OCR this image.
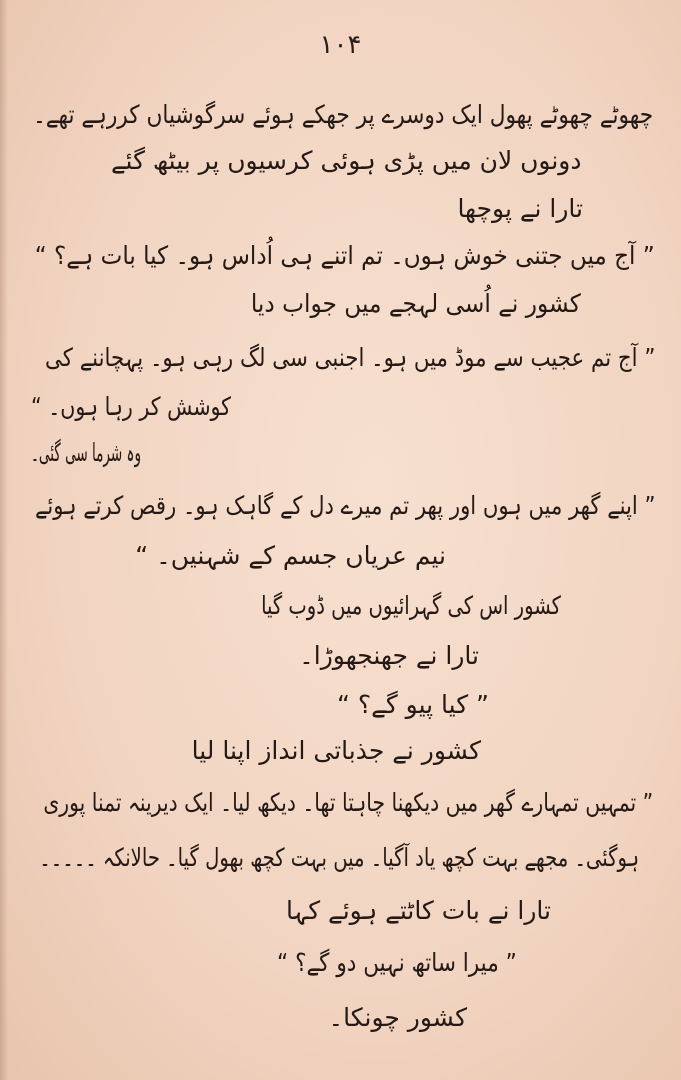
۱۰۴
چھوٹے چھوٹے پھول ایک دوسرے پر جھکے ہوئے سرگوشیاں کررہے تھے۔
دونوں لان میں پڑی ہوئی کرسیوں پر بیٹھ گئے
تارا نے پوچھا
” آج میں جتنی خوش ہوں۔ تم اتنے ہی اُداس ہو۔ کیا بات ہے؟ “
کشور نے اُسی لہجے میں جواب دیا
” آج تم عجیب سے موڈ میں ہو۔ اجنبی سی لگ رہی ہو۔ پہچاننے کی
کوشش کر رہا ہوں۔ “
وہ شرما سی گئی۔
” اپنے گھر میں ہوں اور پھر تم میرے دل کے گاہک ہو۔ رقص کرتے ہوئے
نیم عریاں جسم کے شہنیں۔ “
کشور اس کی گہرائیوں میں ڈوب گیا
تارا نے جھنجھوڑا۔
” کیا پیو گے؟ “
کشور نے جذباتی انداز اپنا لیا
” تمہیں تمہارے گھر میں دیکھنا چاہتا تھا۔ دیکھ لیا۔ ایک دیرینہ تمنا پوری
ہوگئی۔ مجھے بہت کچھ یاد آگیا۔ میں بہت کچھ بھول گیا۔ حالانکہ ۔۔۔۔۔
تارا نے بات کاٹتے ہوئے کہا
” میرا ساتھ نہیں دو گے؟ “
کشور چونکا۔
